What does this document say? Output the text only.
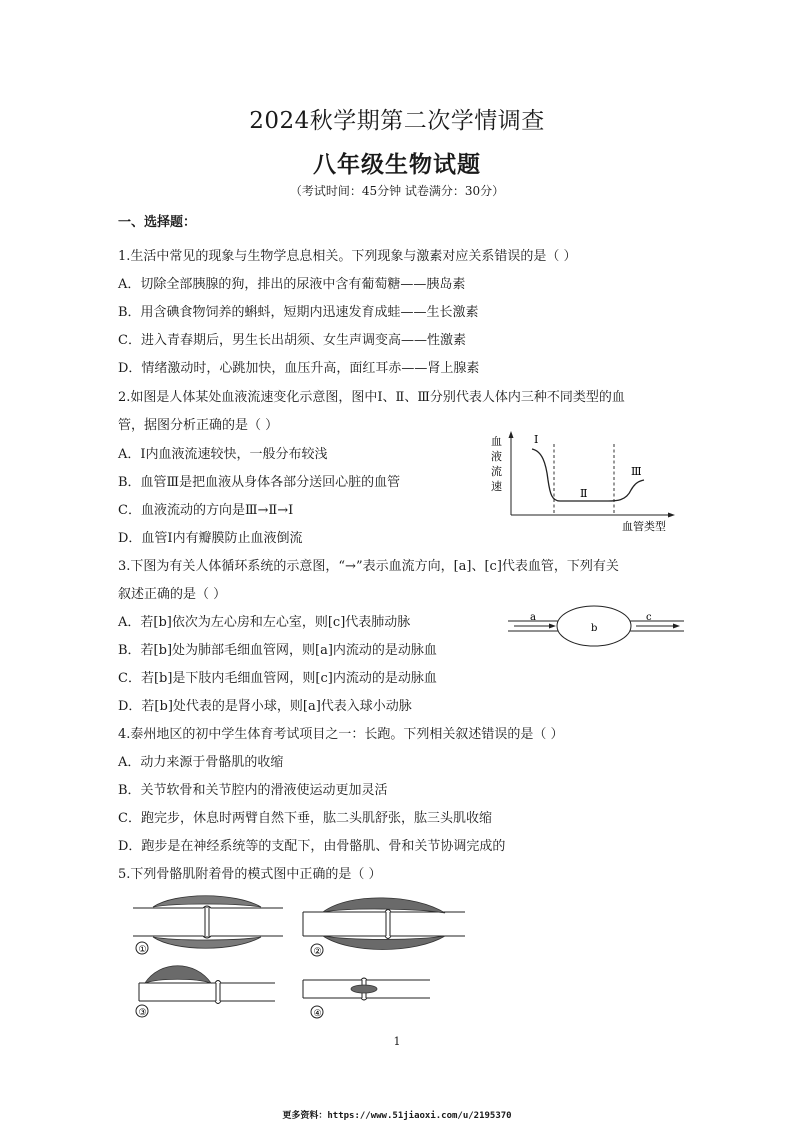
2024秋学期第二次学情调查
八年级生物试题
（考试时间：45分钟 试卷满分：30分）
一、选择题：
1.生活中常见的现象与生物学息息相关。下列现象与激素对应关系错误的是（ ）
A．切除全部胰腺的狗，排出的尿液中含有葡萄糖——胰岛素
B．用含碘食物饲养的蝌蚪，短期内迅速发育成蛙——生长激素
C．进入青春期后，男生长出胡须、女生声调变高——性激素
D．情绪激动时，心跳加快，血压升高，面红耳赤——肾上腺素
2.如图是人体某处血液流速变化示意图，图中Ⅰ、Ⅱ、Ⅲ分别代表人体内三种不同类型的血
管，据图分析正确的是（ ）
A．Ⅰ内血液流速较快，一般分布较浅
B．血管Ⅲ是把血液从身体各部分送回心脏的血管
C．血液流动的方向是Ⅲ→Ⅱ→Ⅰ
D．血管Ⅰ内有瓣膜防止血液倒流
血
液
流
速
Ⅰ
Ⅱ
Ⅲ
血管类型
3.下图为有关人体循环系统的示意图，“→”表示血流方向，[a]、[c]代表血管，下列有关
叙述正确的是（ ）
A．若[b]依次为左心房和左心室，则[c]代表肺动脉
B．若[b]处为肺部毛细血管网，则[a]内流动的是动脉血
C．若[b]是下肢内毛细血管网，则[c]内流动的是动脉血
D．若[b]处代表的是肾小球，则[a]代表入球小动脉
a
b
c
4.泰州地区的初中学生体育考试项目之一：长跑。下列相关叙述错误的是（ ）
A．动力来源于骨骼肌的收缩
B．关节软骨和关节腔内的滑液使运动更加灵活
C．跑完步，休息时两臂自然下垂，肱二头肌舒张，肱三头肌收缩
D．跑步是在神经系统等的支配下，由骨骼肌、骨和关节协调完成的
5.下列骨骼肌附着骨的模式图中正确的是（ ）
①	②
③	④
1
更多资料：https://www.51jiaoxi.com/u/2195370
